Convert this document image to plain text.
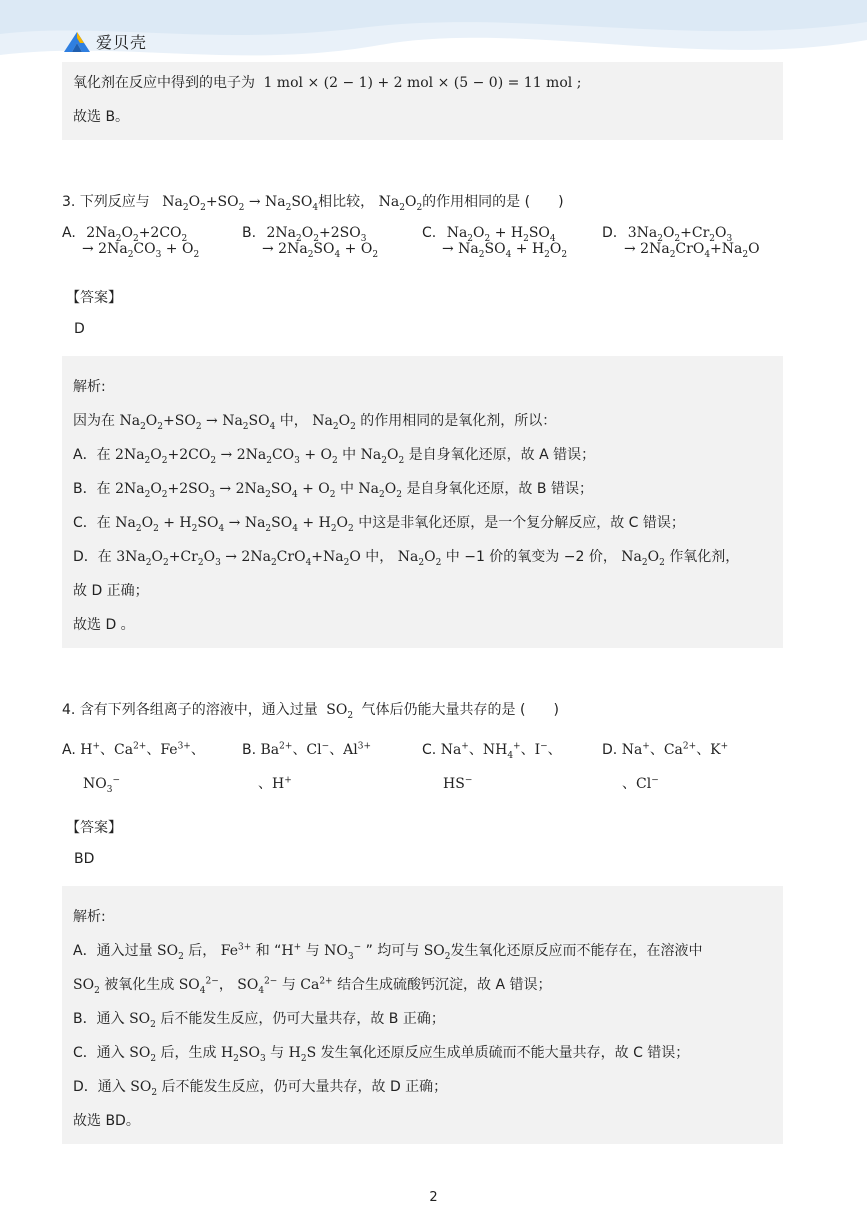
爱贝壳
氧化剂在反应中得到的电子为 1 mol × (2 − 1) + 2 mol × (5 − 0) = 11 mol ;
故选 B。
3. 下列反应与 $Na_2O_2+SO_2 \to Na_2SO_4$相比较， $Na_2O_2$的作用相同的是 (　　)
A. $2Na_2O_2+2CO_2$
→ $2Na_2CO_3 + O_2$
B. $2Na_2O_2+2SO_3$
→ $2Na_2SO_4 + O_2$
C. $Na_2O_2 + H_2SO_4$
→ $Na_2SO_4 + H_2O_2$
D. $3Na_2O_2+Cr_2O_3$
→ $2Na_2CrO_4+Na_2O$
【答案】
D
解析:
因为在 $Na_2O_2+SO_2 \to Na_2SO_4$ 中， $Na_2O_2$ 的作用相同的是氧化剂，所以：
A．在 $2Na_2O_2+2CO_2 \to 2Na_2CO_3 + O_2$ 中 $Na_2O_2$ 是自身氧化还原，故 A 错误；
B．在 $2Na_2O_2+2SO_3 \to 2Na_2SO_4 + O_2$ 中 $Na_2O_2$ 是自身氧化还原，故 B 错误；
C．在 $Na_2O_2 + H_2SO_4 \to Na_2SO_4 + H_2O_2$ 中这是非氧化还原，是一个复分解反应，故 C 错误；
D．在 $3Na_2O_2+Cr_2O_3 \to 2Na_2CrO_4+Na_2O$ 中， $Na_2O_2$ 中 −1 价的氧变为 −2 价， $Na_2O_2$ 作氧化剂，
故 D 正确；
故选 D 。
4. 含有下列各组离子的溶液中，通入过量 $SO_2$ 气体后仍能大量共存的是 (　　)
A. H+、$Ca^{2+}$、$Fe^{3+}$、
$NO_3^-$
B. $Ba^{2+}$、Cl−、$Al^{3+}$
、H+
C. Na+、$NH_4^+$、I−、
HS−
D. Na+、$Ca^{2+}$、K+
、Cl−
【答案】
BD
解析:
A．通入过量 $SO_2$ 后， $Fe^{3+}$ 和 “H+ 与 $NO_3^-$ ” 均可与 $SO_2$发生氧化还原反应而不能存在，在溶液中
$SO_2$ 被氧化生成 $SO_4^{2-}$， $SO_4^{2-}$ 与 $Ca^{2+}$ 结合生成硫酸钙沉淀，故 A 错误；
B．通入 $SO_2$ 后不能发生反应，仍可大量共存，故 B 正确；
C．通入 $SO_2$ 后，生成 $H_2SO_3$ 与 $H_2S$ 发生氧化还原反应生成单质硫而不能大量共存，故 C 错误；
D．通入 $SO_2$ 后不能发生反应，仍可大量共存，故 D 正确；
故选 BD。
2
